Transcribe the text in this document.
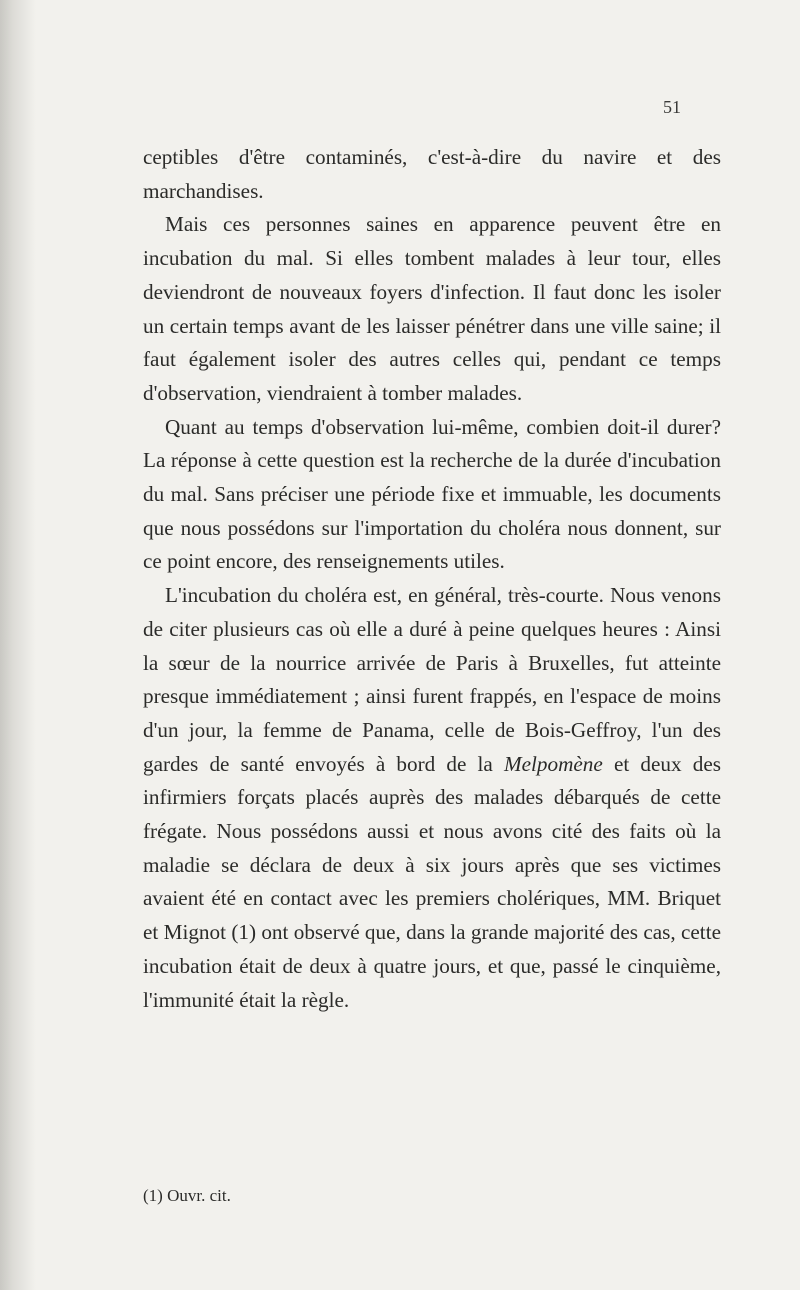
51

ceptibles d'être contaminés, c'est-à-dire du navire et des marchandises.

Mais ces personnes saines en apparence peuvent être en incubation du mal. Si elles tombent malades à leur tour, elles deviendront de nouveaux foyers d'infection. Il faut donc les isoler un certain temps avant de les laisser pénétrer dans une ville saine; il faut également isoler des autres celles qui, pendant ce temps d'observation, viendraient à tomber malades.

Quant au temps d'observation lui-même, combien doit-il durer? La réponse à cette question est la recherche de la durée d'incubation du mal. Sans préciser une période fixe et immuable, les documents que nous possédons sur l'importation du choléra nous donnent, sur ce point encore, des renseignements utiles.

L'incubation du choléra est, en général, très-courte. Nous venons de citer plusieurs cas où elle a duré à peine quelques heures : Ainsi la sœur de la nourrice arrivée de Paris à Bruxelles, fut atteinte presque immédiatement ; ainsi furent frappés, en l'espace de moins d'un jour, la femme de Panama, celle de Bois-Geffroy, l'un des gardes de santé envoyés à bord de la Melpomène et deux des infirmiers forçats placés auprès des malades débarqués de cette frégate. Nous possédons aussi et nous avons cité des faits où la maladie se déclara de deux à six jours après que ses victimes avaient été en contact avec les premiers cholériques, MM. Briquet et Mignot (1) ont observé que, dans la grande majorité des cas, cette incubation était de deux à quatre jours, et que, passé le cinquième, l'immunité était la règle.

(1) Ouvr. cit.
